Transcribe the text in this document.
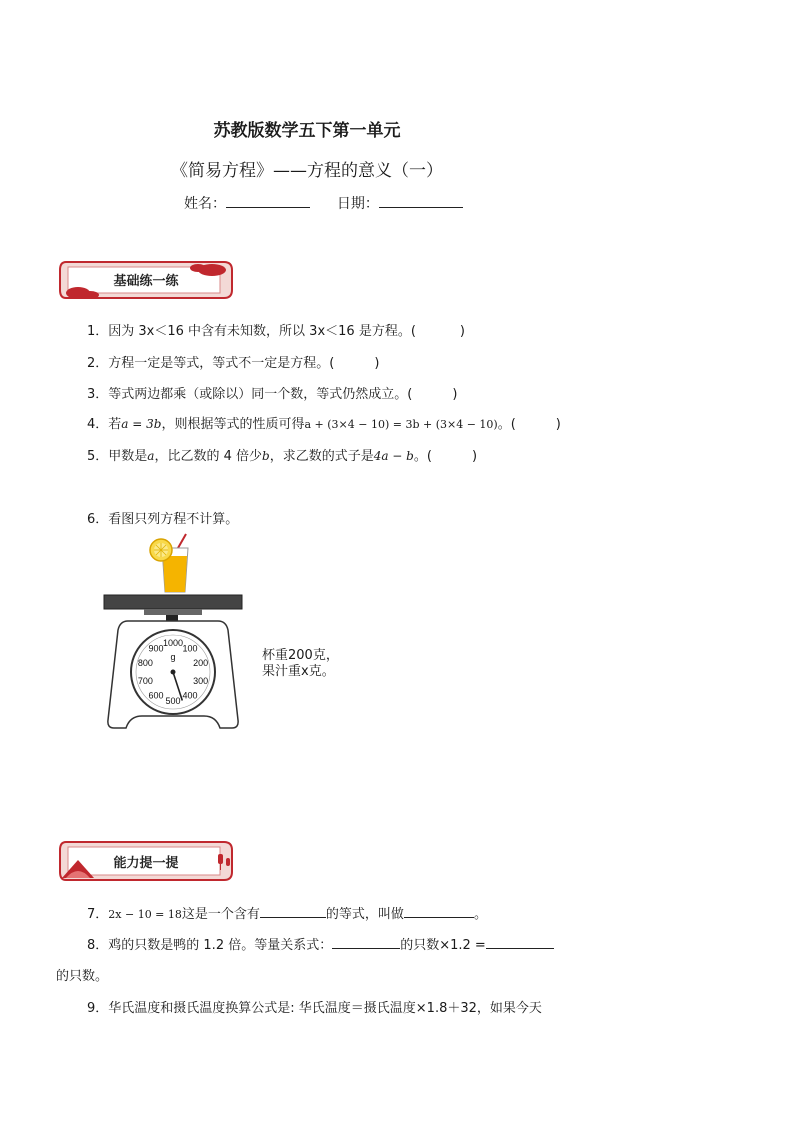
苏教版数学五下第一单元
《简易方程》——方程的意义（一）
姓名：	日期：
基础练一练
1．因为 3x＜16 中含有未知数，所以 3x＜16 是方程。(	)
2．方程一定是等式，等式不一定是方程。(	)
3．等式两边都乘（或除以）同一个数，等式仍然成立。(	)
4．若a = 3b，则根据等式的性质可得a + (3×4 − 10) = 3b + (3×4 − 10)。(	)
5．甲数是a，比乙数的 4 倍少b，求乙数的式子是4a − b。(	)
6．看图只列方程不计算。
1000
100
200
300
400
500
600
700
800
900
g	杯重200克，
果汁重x克。
能力提一提
7．2x − 10 = 18这是一个含有	的等式，叫做	。
8．鸡的只数是鸭的 1.2 倍。等量关系式：	的只数×1.2 =
的只数。
9．华氏温度和摄氏温度换算公式是: 华氏温度＝摄氏温度×1.8＋32，如果今天
